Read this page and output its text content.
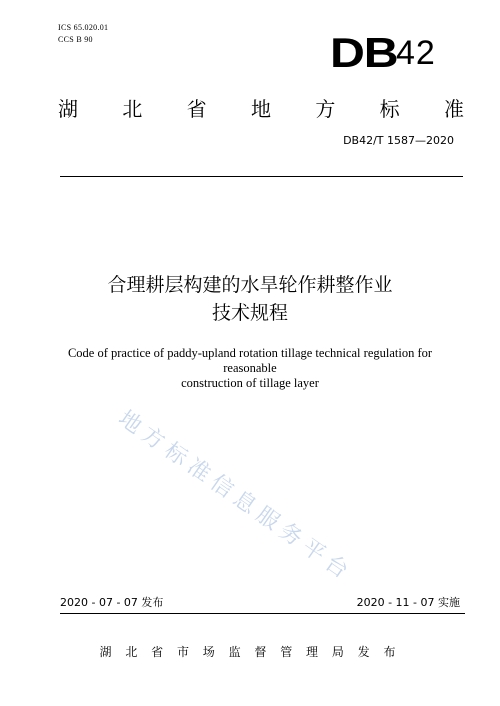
ICS 65.020.01
CCS B 90	DB
42
湖 北 省 地 方 标 准
DB42/T 1587—2020
合理耕层构建的水旱轮作耕整作业
技术规程
Code of practice of paddy-upland rotation tillage technical regulation for reasonable
construction of tillage layer
地方标准信息服务平台
2020 - 07 - 07 发布	2020 - 11 - 07 实施
湖 北 省 市 场 监 督 管 理 局 发 布
